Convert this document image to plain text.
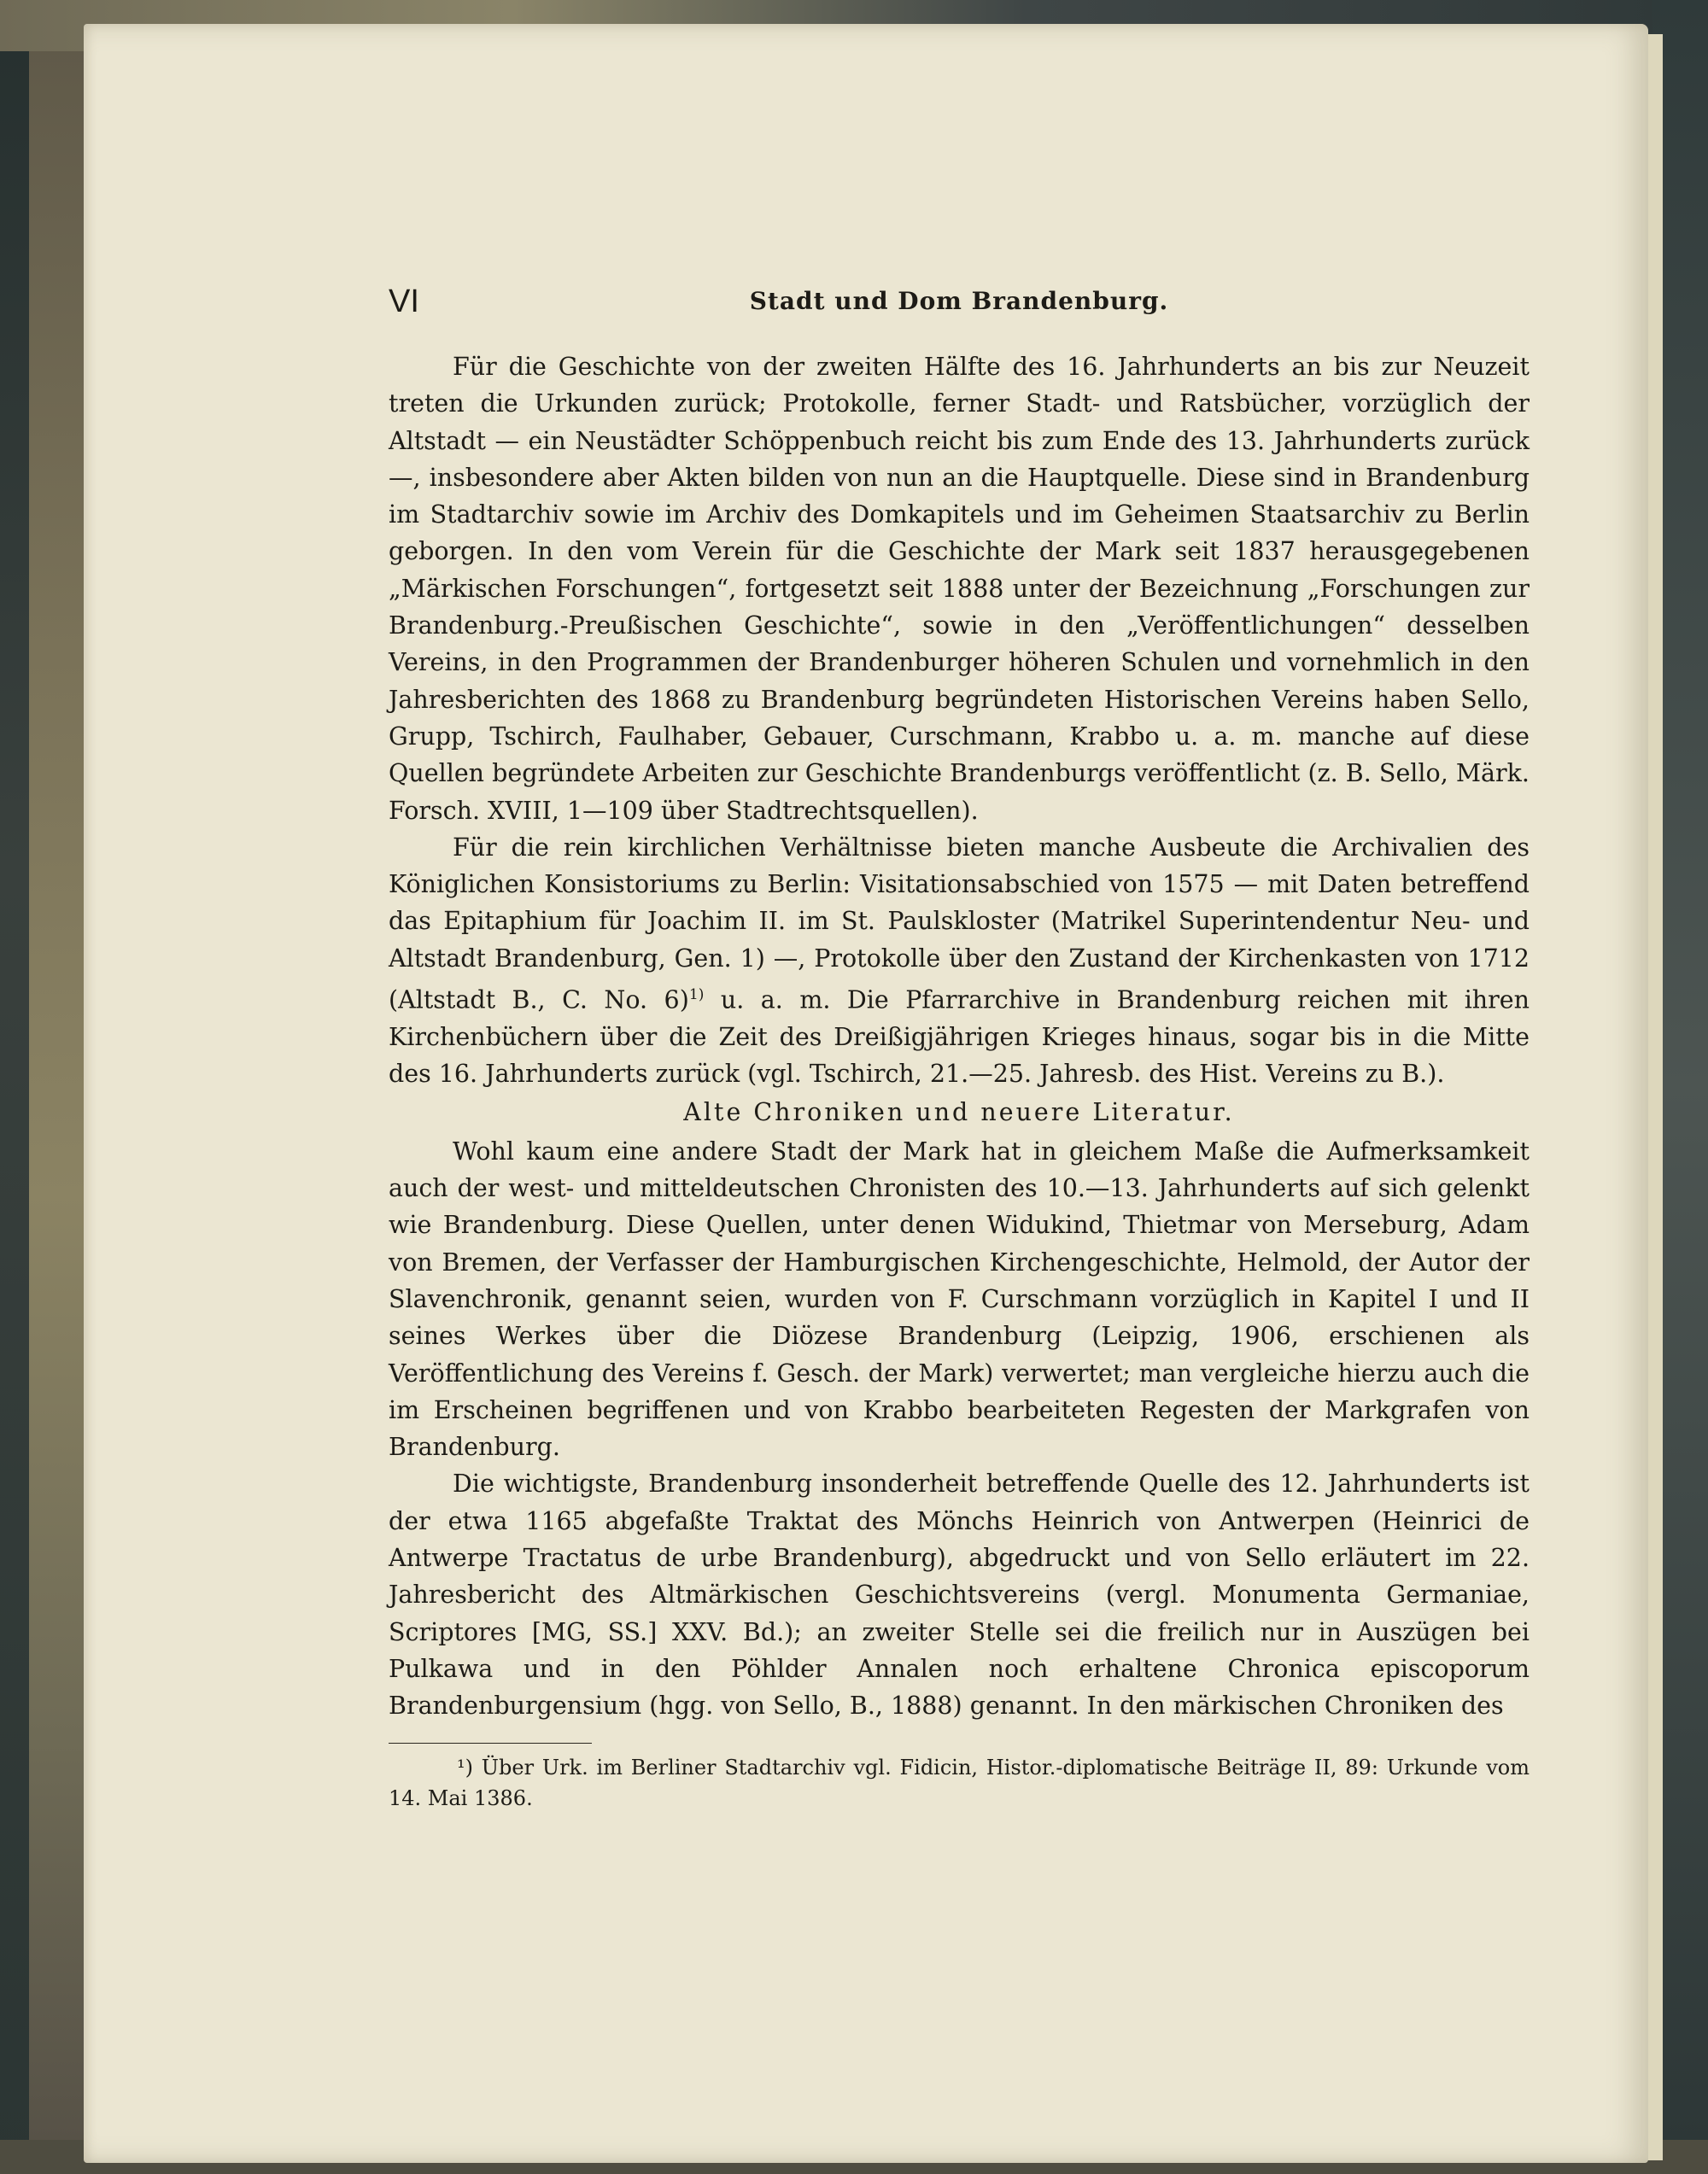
VI	Stadt und Dom Brandenburg.

Für die Geschichte von der zweiten Hälfte des 16. Jahrhunderts an bis zur Neuzeit treten die Urkunden zurück; Protokolle, ferner Stadt- und Ratsbücher, vorzüglich der Altstadt — ein Neustädter Schöppenbuch reicht bis zum Ende des 13. Jahrhunderts zurück —, insbesondere aber Akten bilden von nun an die Hauptquelle. Diese sind in Brandenburg im Stadtarchiv sowie im Archiv des Domkapitels und im Geheimen Staatsarchiv zu Berlin geborgen. In den vom Verein für die Geschichte der Mark seit 1837 herausgegebenen „Märkischen Forschungen“, fortgesetzt seit 1888 unter der Bezeichnung „Forschungen zur Brandenburg.-Preußischen Geschichte“, sowie in den „Veröffentlichungen“ desselben Vereins, in den Programmen der Brandenburger höheren Schulen und vornehmlich in den Jahresberichten des 1868 zu Brandenburg begründeten Historischen Vereins haben Sello, Grupp, Tschirch, Faulhaber, Gebauer, Curschmann, Krabbo u. a. m. manche auf diese Quellen begründete Arbeiten zur Geschichte Brandenburgs veröffentlicht (z. B. Sello, Märk. Forsch. XVIII, 1—109 über Stadtrechtsquellen).

Für die rein kirchlichen Verhältnisse bieten manche Ausbeute die Archivalien des Königlichen Konsistoriums zu Berlin: Visitationsabschied von 1575 — mit Daten betreffend das Epitaphium für Joachim II. im St. Paulskloster (Matrikel Superintendentur Neu- und Altstadt Brandenburg, Gen. 1) —, Protokolle über den Zustand der Kirchenkasten von 1712 (Altstadt B., C. No. 6)$^{1)}$ u. a. m. Die Pfarrarchive in Brandenburg reichen mit ihren Kirchenbüchern über die Zeit des Dreißigjährigen Krieges hinaus, sogar bis in die Mitte des 16. Jahrhunderts zurück (vgl. Tschirch, 21.—25. Jahresb. des Hist. Vereins zu B.).

Alte Chroniken und neuere Literatur.

Wohl kaum eine andere Stadt der Mark hat in gleichem Maße die Aufmerksamkeit auch der west- und mitteldeutschen Chronisten des 10.—13. Jahrhunderts auf sich gelenkt wie Brandenburg. Diese Quellen, unter denen Widukind, Thietmar von Merseburg, Adam von Bremen, der Verfasser der Hamburgischen Kirchengeschichte, Helmold, der Autor der Slavenchronik, genannt seien, wurden von F. Curschmann vorzüglich in Kapitel I und II seines Werkes über die Diözese Brandenburg (Leipzig, 1906, erschienen als Veröffentlichung des Vereins f. Gesch. der Mark) verwertet; man vergleiche hierzu auch die im Erscheinen begriffenen und von Krabbo bearbeiteten Regesten der Markgrafen von Brandenburg.

Die wichtigste, Brandenburg insonderheit betreffende Quelle des 12. Jahrhunderts ist der etwa 1165 abgefaßte Traktat des Mönchs Heinrich von Antwerpen (Heinrici de Antwerpe Tractatus de urbe Brandenburg), abgedruckt und von Sello erläutert im 22. Jahresbericht des Altmärkischen Geschichtsvereins (vergl. Monumenta Germaniae, Scriptores [MG, SS.] XXV. Bd.); an zweiter Stelle sei die freilich nur in Auszügen bei Pulkawa und in den Pöhlder Annalen noch erhaltene Chronica episcoporum Brandenburgensium (hgg. von Sello, B., 1888) genannt. In den märkischen Chroniken des

¹) Über Urk. im Berliner Stadtarchiv vgl. Fidicin, Histor.-diplomatische Beiträge II, 89: Urkunde vom 14. Mai 1386.
